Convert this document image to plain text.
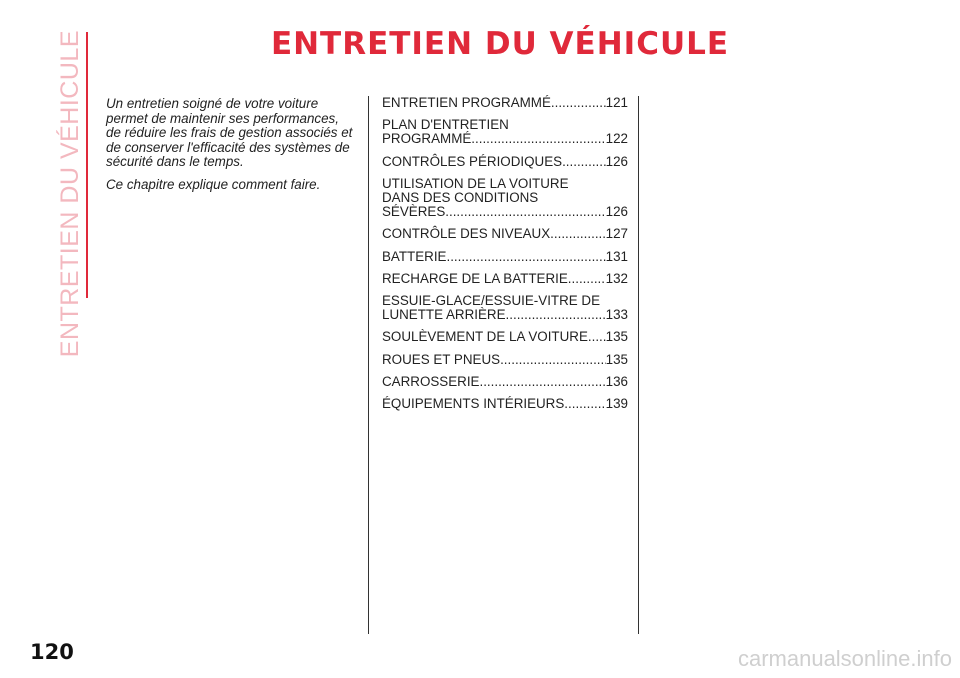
ENTRETIEN DU VÉHICULE	ENTRETIEN DU VÉHICULE

Un entretien soigné de votre voiture permet de maintenir ses performances, de réduire les frais de gestion associés et de conserver l'efficacité des systèmes de sécurité dans le temps.

Ce chapitre explique comment faire.

ENTRETIEN PROGRAMMÉ .....	121
PLAN D'ENTRETIEN
PROGRAMMÉ .....	122
CONTRÔLES PÉRIODIQUES .....	126
UTILISATION DE LA VOITURE
DANS DES CONDITIONS
SÉVÈRES .....	126
CONTRÔLE DES NIVEAUX .....	127
BATTERIE .....	131
RECHARGE DE LA BATTERIE .....	132
ESSUIE-GLACE/ESSUIE-VITRE DE
LUNETTE ARRIÈRE .....	133
SOULÈVEMENT DE LA VOITURE ..... 135
ROUES ET PNEUS .....	135
CARROSSERIE .....	136
ÉQUIPEMENTS INTÉRIEURS .....	139
120	carmanualsonline.info
